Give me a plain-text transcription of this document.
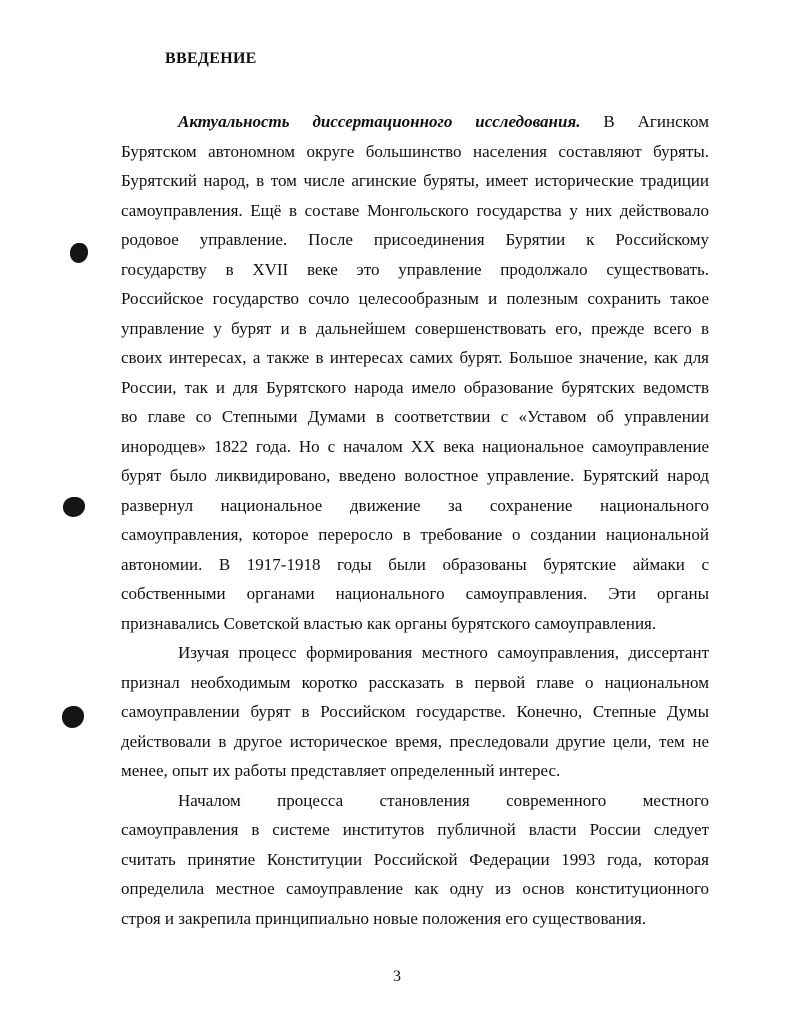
ВВЕДЕНИЕ
Актуальность диссертационного исследования. В Агинском
Бурятском автономном округе большинство населения составляют буряты.
Бурятский народ, в том числе агинские буряты, имеет исторические традиции
самоуправления. Ещё в составе Монгольского государства у них действовало
родовое управление. После присоединения Бурятии к Российскому
государству в XVII веке это управление продолжало существовать.
Российское государство сочло целесообразным и полезным сохранить такое
управление у бурят и в дальнейшем совершенствовать его, прежде всего в
своих интересах, а также в интересах самих бурят. Большое значение, как для
России, так и для Бурятского народа имело образование бурятских ведомств
во главе со Степными Думами в соответствии с «Уставом об управлении
инородцев» 1822 года. Но с началом XX века национальное самоуправление
бурят было ликвидировано, введено волостное управление. Бурятский народ
развернул национальное движение за сохранение национального
самоуправления, которое переросло в требование о создании национальной
автономии. В 1917-1918 годы были образованы бурятские аймаки с
собственными органами национального самоуправления. Эти органы
признавались Советской властью как органы бурятского самоуправления.
Изучая процесс формирования местного самоуправления, диссертант
признал необходимым коротко рассказать в первой главе о национальном
самоуправлении бурят в Российском государстве. Конечно, Степные Думы
действовали в другое историческое время, преследовали другие цели, тем не
менее, опыт их работы представляет определенный интерес.
Началом процесса становления современного местного
самоуправления в системе институтов публичной власти России следует
считать принятие Конституции Российской Федерации 1993 года, которая
определила местное самоуправление как одну из основ конституционного
строя и закрепила принципиально новые положения его существования.
3
